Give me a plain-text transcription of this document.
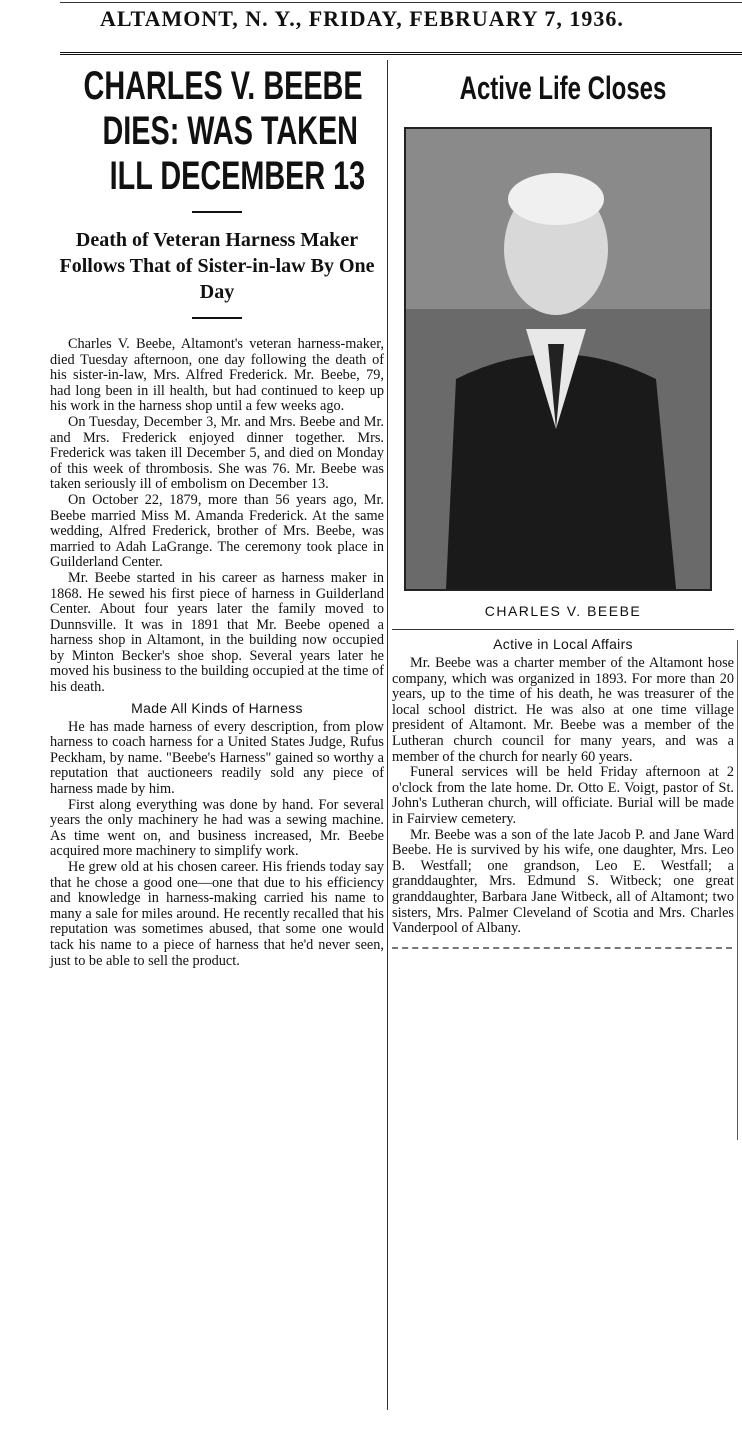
ALTAMONT, N. Y., FRIDAY, FEBRUARY 7, 1936.
CHARLES V. BEEBE
DIES: WAS TAKEN
ILL DECEMBER 13
Death of Veteran Harness Maker Follows That of Sister-in-law By One Day

Charles V. Beebe, Altamont's veteran harness-maker, died Tuesday afternoon, one day following the death of his sister-in-law, Mrs. Alfred Frederick. Mr. Beebe, 79, had long been in ill health, but had continued to keep up his work in the harness shop until a few weeks ago.

On Tuesday, December 3, Mr. and Mrs. Beebe and Mr. and Mrs. Frederick enjoyed dinner together. Mrs. Frederick was taken ill December 5, and died on Monday of this week of thrombosis. She was 76. Mr. Beebe was taken seriously ill of embolism on December 13.

On October 22, 1879, more than 56 years ago, Mr. Beebe married Miss M. Amanda Frederick. At the same wedding, Alfred Frederick, brother of Mrs. Beebe, was married to Adah LaGrange. The ceremony took place in Guilderland Center.

Mr. Beebe started in his career as harness maker in 1868. He sewed his first piece of harness in Guilderland Center. About four years later the family moved to Dunnsville. It was in 1891 that Mr. Beebe opened a harness shop in Altamont, in the building now occupied by Minton Becker's shoe shop. Several years later he moved his business to the building occupied at the time of his death.

Made All Kinds of Harness

He has made harness of every description, from plow harness to coach harness for a United States Judge, Rufus Peckham, by name. "Beebe's Harness" gained so worthy a reputation that auctioneers readily sold any piece of harness made by him.

First along everything was done by hand. For several years the only machinery he had was a sewing machine. As time went on, and business increased, Mr. Beebe acquired more machinery to simplify work.

He grew old at his chosen career. His friends today say that he chose a good one—one that due to his efficiency and knowledge in harness-making carried his name to many a sale for miles around. He recently recalled that his reputation was sometimes abused, that some one would tack his name to a piece of harness that he'd never seen, just to be able to sell the product.

Active Life Closes
CHARLES V. BEEBE
Active in Local Affairs

Mr. Beebe was a charter member of the Altamont hose company, which was organized in 1893. For more than 20 years, up to the time of his death, he was treasurer of the local school district. He was also at one time village president of Altamont. Mr. Beebe was a member of the Lutheran church council for many years, and was a member of the church for nearly 60 years.

Funeral services will be held Friday afternoon at 2 o'clock from the late home. Dr. Otto E. Voigt, pastor of St. John's Lutheran church, will officiate. Burial will be made in Fairview cemetery.

Mr. Beebe was a son of the late Jacob P. and Jane Ward Beebe. He is survived by his wife, one daughter, Mrs. Leo B. Westfall; one grandson, Leo E. Westfall; a granddaughter, Mrs. Edmund S. Witbeck; one great granddaughter, Barbara Jane Witbeck, all of Altamont; two sisters, Mrs. Palmer Cleveland of Scotia and Mrs. Charles Vanderpool of Albany.
